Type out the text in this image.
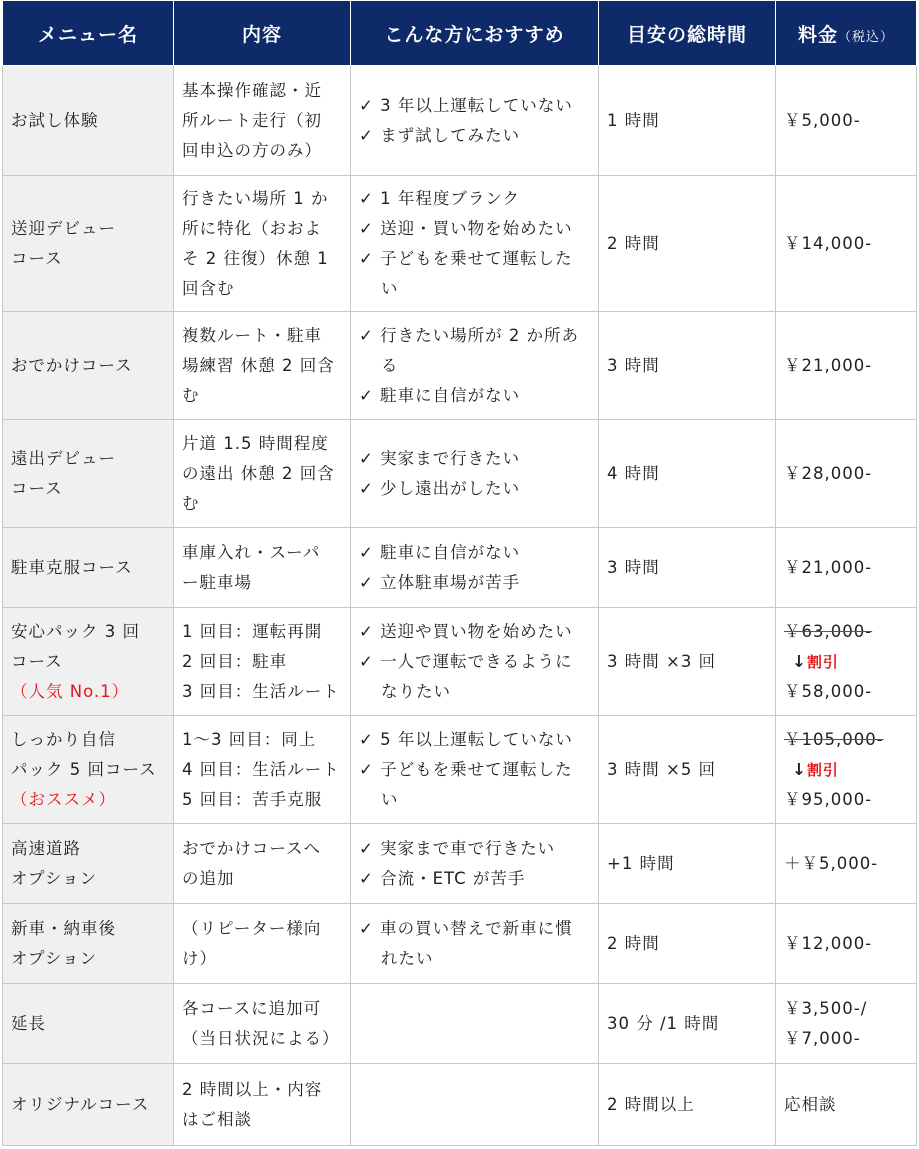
メニュー名	内容	こんな方におすすめ	目安の総時間	料金（税込）

お試し体験	基本操作確認・近
所ルート走行（初
回申込の方のみ）	✓ 3 年以上運転していない
✓ まず試してみたい	1 時間	￥5,000-

送迎デビュー
コース	行きたい場所 1 か
所に特化（おおよ
そ 2 往復）休憩 1
回含む	✓ 1 年程度ブランク
✓ 送迎・買い物を始めたい
✓ 子どもを乗せて運転した
い	2 時間	￥14,000-

おでかけコース	複数ルート・駐車
場練習 休憩 2 回含
む	✓ 行きたい場所が 2 か所あ
る
✓ 駐車に自信がない	3 時間	￥21,000-

遠出デビュー
コース	片道 1.5 時間程度
の遠出 休憩 2 回含
む	✓ 実家まで行きたい
✓ 少し遠出がしたい	4 時間	￥28,000-

駐車克服コース	車庫入れ・スーパ
ー駐車場	✓ 駐車に自信がない
✓ 立体駐車場が苦手	3 時間	￥21,000-

安心パック 3 回
コース
（人気 No.1）	1 回目：運転再開
2 回目：駐車
3 回目：生活ルート	✓ 送迎や買い物を始めたい
✓ 一人で運転できるように
なりたい	3 時間 ×3 回	￥63,000-
↓割引
￥58,000-

しっかり自信
パック 5 回コース
（おススメ）	1〜3 回目：同上
4 回目：生活ルート
5 回目：苦手克服	✓ 5 年以上運転していない
✓ 子どもを乗せて運転した
い	3 時間 ×5 回	￥105,000-
↓割引
￥95,000-

高速道路
オプション	おでかけコースへ
の追加	✓ 実家まで車で行きたい
✓ 合流・ETC が苦手	+1 時間	＋￥5,000-

新車・納車後
オプション	（リピーター様向け）	✓ 車の買い替えで新車に慣
れたい	2 時間	￥12,000-

延長	各コースに追加可
（当日状況による）		30 分 /1 時間	￥3,500-/
￥7,000-

オリジナルコース	2 時間以上・内容
はご相談		2 時間以上	応相談
